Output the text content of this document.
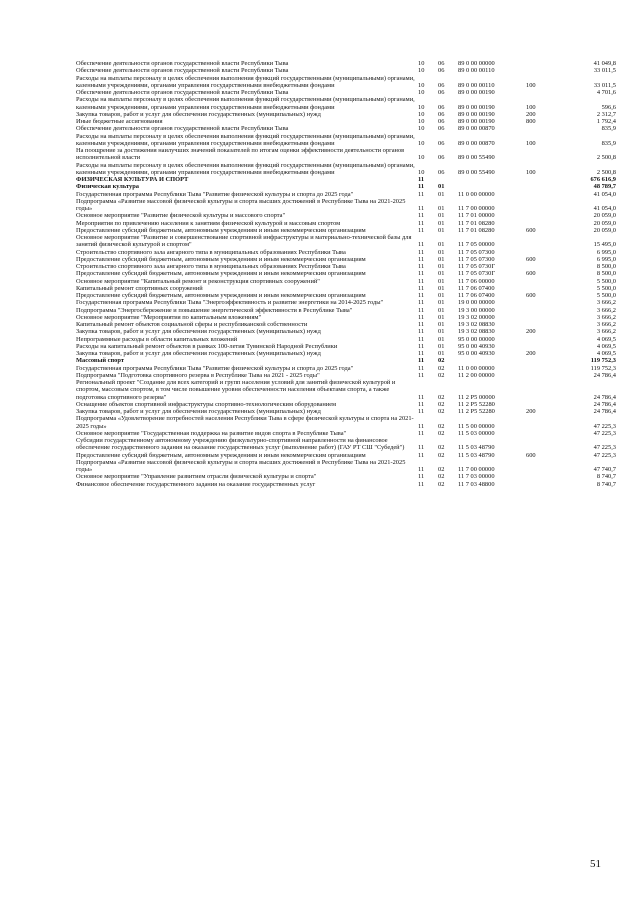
Обеспечение деятельности органов государственной власти Республики Тыва	10	06	89 0 00 00000		41 049,8
Обеспечение деятельности органов государственной власти Республики Тыва	10	06	89 0 00 00110		33 011,5
Расходы на выплаты персоналу в целях обеспечения выполнения функций государственными (муниципальными) органами, казенными учреждениями, органами управления государственными внебюджетными фондами	10	06	89 0 00 00110	100	33 011,5
Обеспечение деятельности органов государственной власти Республики Тыва	10	06	89 0 00 00190		4 701,6
Расходы на выплаты персоналу в целях обеспечения выполнения функций государственными (муниципальными) органами, казенными учреждениями, органами управления государственными внебюджетными фондами	10	06	89 0 00 00190	100	596,6
Закупка товаров, работ и услуг для обеспечения государственных (муниципальных) нужд	10	06	89 0 00 00190	200	2 312,7
Иные бюджетные ассигнования	10	06	89 0 00 00190	800	1 792,4
Обеспечение деятельности органов государственной власти Республики Тыва	10	06	89 0 00 00870		835,9
Расходы на выплаты персоналу в целях обеспечения выполнения функций государственными (муниципальными) органами, казенными учреждениями, органами управления государственными внебюджетными фондами	10	06	89 0 00 00870	100	835,9
На поощрение за достижения наилучших значений показателей по итогам оценки эффективности деятельности органов исполнительной власти	10	06	89 0 00 55490		2 500,8
Расходы на выплаты персоналу в целях обеспечения выполнения функций государственными (муниципальными) органами, казенными учреждениями, органами управления государственными внебюджетными фондами	10	06	89 0 00 55490	100	2 500,8
ФИЗИЧЕСКАЯ КУЛЬТУРА И СПОРТ	11				676 616,9
Физическая культура	11	01			48 789,7
Государственная программа Республики Тыва "Развитие физической культуры и спорта до 2025 года"	11	01	11 0 00 00000		41 054,0
Подпрограмма «Развитие массовой физической культуры и спорта высших достижений в Республике Тыва на 2021-2025 годы»	11	01	11 7 00 00000		41 054,0
Основное мероприятие "Развитие физической культуры и массового спорта"	11	01	11 7 01 00000		20 059,0
Мероприятия по привлечению населения к занятиям физической культурой и массовым спортом	11	01	11 7 01 08280		20 059,0
Предоставление субсидий бюджетным, автономным учреждениям и иным некоммерческим организациям	11	01	11 7 01 08280	600	20 059,0
Основное мероприятие "Развитие и совершенствование спортивной инфраструктуры и материально-технической базы для занятий физической культурой и спортом"	11	01	11 7 05 00000		15 495,0
Строительство спортивного зала ангарного типа в муниципальных образованиях Республики Тыва	11	01	11 7 05 07300		6 995,0
Предоставление субсидий бюджетным, автономным учреждениям и иным некоммерческим организациям	11	01	11 7 05 07300	600	6 995,0
Строительство спортивного зала ангарного типа в муниципальных образованиях Республики Тыва	11	01	11 7 05 0730Г		8 500,0
Предоставление субсидий бюджетным, автономным учреждениям и иным некоммерческим организациям	11	01	11 7 05 0730Г	600	8 500,0
Основное мероприятие "Капитальный ремонт и реконструкция спортивных сооружений"	11	01	11 7 06 00000		5 500,0
Капитальный ремонт спортивных сооружений	11	01	11 7 06 07400		5 500,0
Предоставление субсидий бюджетным, автономным учреждениям и иным некоммерческим организациям	11	01	11 7 06 07400	600	5 500,0
Государственная программа Республики Тыва "Энергоэффективность и развитие энергетики на 2014-2025 годы"	11	01	19 0 00 00000		3 666,2
Подпрограмма "Энергосбережение и повышение энергетической эффективности в Республике Тыва"	11	01	19 3 00 00000		3 666,2
Основное мероприятие "Мероприятия по капитальным вложениям"	11	01	19 3 02 00000		3 666,2
Капитальный ремонт объектов социальной сферы и республиканской собственности	11	01	19 3 02 08830		3 666,2
Закупка товаров, работ и услуг для обеспечения государственных (муниципальных) нужд	11	01	19 3 02 08830	200	3 666,2
Непрограммные расходы в области капитальных вложений	11	01	95 0 00 00000		4 069,5
Расходы на капитальный ремонт объектов в рамках 100-летия Тувинской Народной Республики	11	01	95 0 00 40930		4 069,5
Закупка товаров, работ и услуг для обеспечения государственных (муниципальных) нужд	11	01	95 0 00 40930	200	4 069,5
Массовый спорт	11	02			119 752,3
Государственная программа Республики Тыва "Развитие физической культуры и спорта до 2025 года"	11	02	11 0 00 00000		119 752,3
Подпрограмма "Подготовка спортивного резерва в Республике Тыва на 2021 - 2025 годы"	11	02	11 2 00 00000		24 786,4
Региональный проект "Создание для всех категорий и групп населения условий для занятий физической культурой и спортом, массовым спортом, в том числе повышение уровня обеспеченности населения объектами спорта, а также подготовка спортивного резерва"	11	02	11 2 P5 00000		24 786,4
Оснащение объектов спортивной инфраструктуры спортивно-технологическим оборудованием	11	02	11 2 P5 52280		24 786,4
Закупка товаров, работ и услуг для обеспечения государственных (муниципальных) нужд	11	02	11 2 P5 52280	200	24 786,4
Подпрограмма «Удовлетворение потребностей населения Республики Тыва в сфере физической культуры и спорта на 2021-2025 годы»	11	02	11 5 00 00000		47 225,3
Основное мероприятие "Государственная поддержка на развитие видов спорта в Республике Тыва"	11	02	11 5 03 00000		47 225,3
Субсидии государственному автономному учреждению физкультурно-спортивной направленности на финансовое обеспечение государственного задания на оказание государственных услуг (выполнение работ) (ГАУ РТ СШ "Субедей")	11	02	11 5 03 48790		47 225,3
Предоставление субсидий бюджетным, автономным учреждениям и иным некоммерческим организациям	11	02	11 5 03 48790	600	47 225,3
Подпрограмма «Развитие массовой физической культуры и спорта высших достижений в Республике Тыва на 2021-2025 годы»	11	02	11 7 00 00000		47 740,7
Основное мероприятие "Управление развитием отрасли физической культуры и спорта"	11	02	11 7 03 00000		8 740,7
Финансовое обеспечение государственного задания на оказание государственных услуг	11	02	11 7 03 48800		8 740,7
51
